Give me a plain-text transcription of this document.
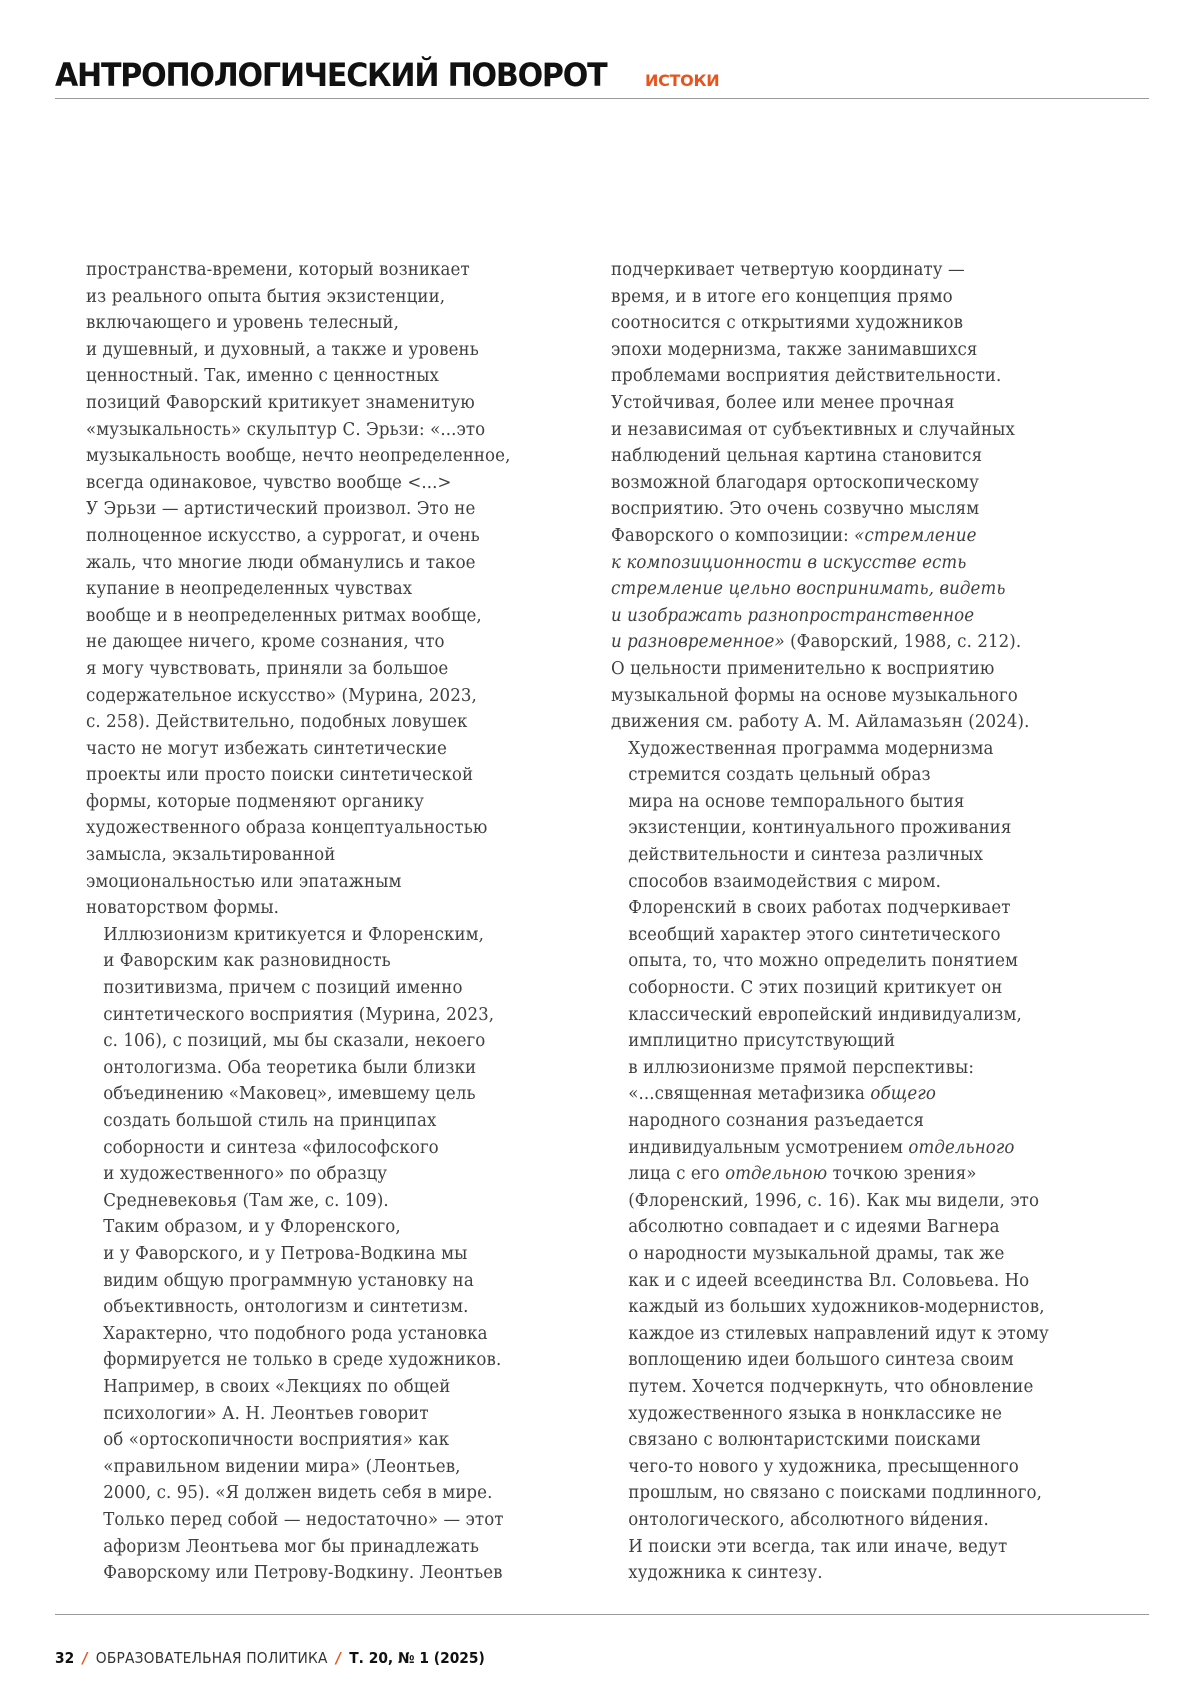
АНТРОПОЛОГИЧЕСКИЙ ПОВОРОТ ИСТОКИ

пространства-времени, который возникает
из реального опыта бытия экзистенции,
включающего и уровень телесный,
и душевный, и духовный, а также и уровень
ценностный. Так, именно с ценностных
позиций Фаворский критикует знаменитую
«музыкальность» скульптур С. Эрьзи: «...это
музыкальность вообще, нечто неопределенное,
всегда одинаковое, чувство вообще <...>
У Эрьзи — артистический произвол. Это не
полноценное искусство, а суррогат, и очень
жаль, что многие люди обманулись и такое
купание в неопределенных чувствах
вообще и в неопределенных ритмах вообще,
не дающее ничего, кроме сознания, что
я могу чувствовать, приняли за большое
содержательное искусство» (Мурина, 2023,
с. 258). Действительно, подобных ловушек
часто не могут избежать синтетические
проекты или просто поиски синтетической
формы, которые подменяют органику
художественного образа концептуальностью
замысла, экзальтированной
эмоциональностью или эпатажным
новаторством формы.

Иллюзионизм критикуется и Флоренским,
и Фаворским как разновидность
позитивизма, причем с позиций именно
синтетического восприятия (Мурина, 2023,
с. 106), с позиций, мы бы сказали, некоего
онтологизма. Оба теоретика были близки
объединению «Маковец», имевшему цель
создать большой стиль на принципах
соборности и синтеза «философского
и художественного» по образцу
Средневековья (Там же, с. 109).

Таким образом, и у Флоренского,
и у Фаворского, и у Петрова-Водкина мы
видим общую программную установку на
объективность, онтологизм и синтетизм.
Характерно, что подобного рода установка
формируется не только в среде художников.
Например, в своих «Лекциях по общей
психологии» А. Н. Леонтьев говорит
об «ортоскопичности восприятия» как
«правильном видении мира» (Леонтьев,
2000, с. 95). «Я должен видеть себя в мире.
Только перед собой — недостаточно» — этот
афоризм Леонтьева мог бы принадлежать
Фаворскому или Петрову-Водкину. Леонтьев

подчеркивает четвертую координату —
время, и в итоге его концепция прямо
соотносится с открытиями художников
эпохи модернизма, также занимавшихся
проблемами восприятия действительности.
Устойчивая, более или менее прочная
и независимая от субъективных и случайных
наблюдений цельная картина становится
возможной благодаря ортоскопическому
восприятию. Это очень созвучно мыслям
Фаворского о композиции: «стремление
к композиционности в искусстве есть
стремление цельно воспринимать, видеть
и изображать разнопространственное
и разновременное» (Фаворский, 1988, с. 212).
О цельности применительно к восприятию
музыкальной формы на основе музыкального
движения см. работу А. М. Айламазьян (2024).

Художественная программа модернизма
стремится создать цельный образ
мира на основе темпорального бытия
экзистенции, континуального проживания
действительности и синтеза различных
способов взаимодействия с миром.
Флоренский в своих работах подчеркивает
всеобщий характер этого синтетического
опыта, то, что можно определить понятием
соборности. С этих позиций критикует он
классический европейский индивидуализм,
имплицитно присутствующий
в иллюзионизме прямой перспективы:
«...священная метафизика общего
народного сознания разъедается
индивидуальным усмотрением отдельного
лица с его отдельною точкою зрения»
(Флоренский, 1996, с. 16). Как мы видели, это
абсолютно совпадает и с идеями Вагнера
о народности музыкальной драмы, так же
как и с идеей всеединства Вл. Соловьева. Но
каждый из больших художников-модернистов,
каждое из стилевых направлений идут к этому
воплощению идеи большого синтеза своим
путем. Хочется подчеркнуть, что обновление
художественного языка в нонклассике не
связано с волюнтаристскими поисками
чего-то нового у художника, пресыщенного
прошлым, но связано с поисками подлинного,
онтологического, абсолютного ви́дения.
И поиски эти всегда, так или иначе, ведут
художника к синтезу.

32 / ОБРАЗОВАТЕЛЬНАЯ ПОЛИТИКА / Т. 20, № 1 (2025)
